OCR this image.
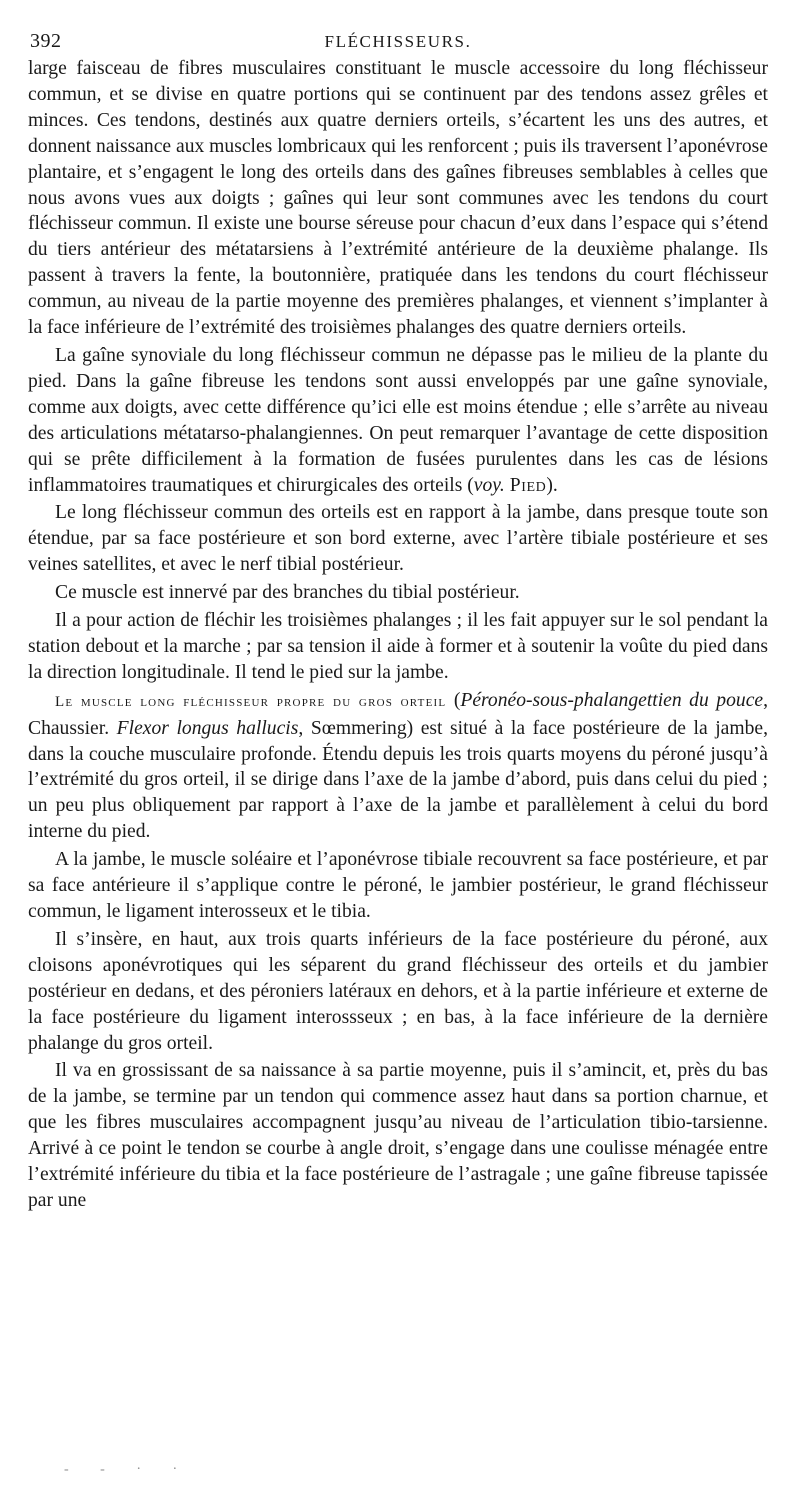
392	FLÉCHISSEURS.

large faisceau de fibres musculaires constituant le muscle accessoire du long fléchisseur commun, et se divise en quatre portions qui se continuent par des tendons assez grêles et minces. Ces tendons, destinés aux quatre derniers orteils, s’écartent les uns des autres, et donnent naissance aux muscles lombricaux qui les renforcent ; puis ils traversent l’aponévrose plantaire, et s’engagent le long des orteils dans des gaînes fibreuses semblables à celles que nous avons vues aux doigts ; gaînes qui leur sont communes avec les tendons du court fléchisseur commun. Il existe une bourse séreuse pour chacun d’eux dans l’espace qui s’étend du tiers antérieur des métatarsiens à l’extrémité antérieure de la deuxième phalange. Ils passent à travers la fente, la boutonnière, pratiquée dans les tendons du court fléchisseur commun, au niveau de la partie moyenne des premières phalanges, et viennent s’implanter à la face inférieure de l’extrémité des troisièmes phalanges des quatre derniers orteils.

La gaîne synoviale du long fléchisseur commun ne dépasse pas le milieu de la plante du pied. Dans la gaîne fibreuse les tendons sont aussi enveloppés par une gaîne synoviale, comme aux doigts, avec cette différence qu’ici elle est moins étendue ; elle s’arrête au niveau des articulations métatarso-phalangiennes. On peut remarquer l’avantage de cette disposition qui se prête difficilement à la formation de fusées purulentes dans les cas de lésions inflammatoires traumatiques et chirurgicales des orteils (voy. Pied).

Le long fléchisseur commun des orteils est en rapport à la jambe, dans presque toute son étendue, par sa face postérieure et son bord externe, avec l’artère tibiale postérieure et ses veines satellites, et avec le nerf tibial postérieur.

Ce muscle est innervé par des branches du tibial postérieur.

Il a pour action de fléchir les troisièmes phalanges ; il les fait appuyer sur le sol pendant la station debout et la marche ; par sa tension il aide à former et à soutenir la voûte du pied dans la direction longitudinale. Il tend le pied sur la jambe.

Le muscle long fléchisseur propre du gros orteil (Péronéo-sous-phalangettien du pouce, Chaussier. Flexor longus hallucis, Sœmmering) est situé à la face postérieure de la jambe, dans la couche musculaire profonde. Étendu depuis les trois quarts moyens du péroné jusqu’à l’extrémité du gros orteil, il se dirige dans l’axe de la jambe d’abord, puis dans celui du pied ; un peu plus obliquement par rapport à l’axe de la jambe et parallèlement à celui du bord interne du pied.

A la jambe, le muscle soléaire et l’aponévrose tibiale recouvrent sa face postérieure, et par sa face antérieure il s’applique contre le péroné, le jambier postérieur, le grand fléchisseur commun, le ligament interosseux et le tibia.

Il s’insère, en haut, aux trois quarts inférieurs de la face postérieure du péroné, aux cloisons aponévrotiques qui les séparent du grand fléchisseur des orteils et du jambier postérieur en dedans, et des péroniers latéraux en dehors, et à la partie inférieure et externe de la face postérieure du ligament interossseux ; en bas, à la face inférieure de la dernière phalange du gros orteil.

Il va en grossissant de sa naissance à sa partie moyenne, puis il s’amincit, et, près du bas de la jambe, se termine par un tendon qui commence assez haut dans sa portion charnue, et que les fibres musculaires accompagnent jusqu’au niveau de l’articulation tibio-tarsienne. Arrivé à ce point le tendon se courbe à angle droit, s’engage dans une coulisse ménagée entre l’extrémité inférieure du tibia et la face postérieure de l’astragale ; une gaîne fibreuse tapissée par une

- - · ·
